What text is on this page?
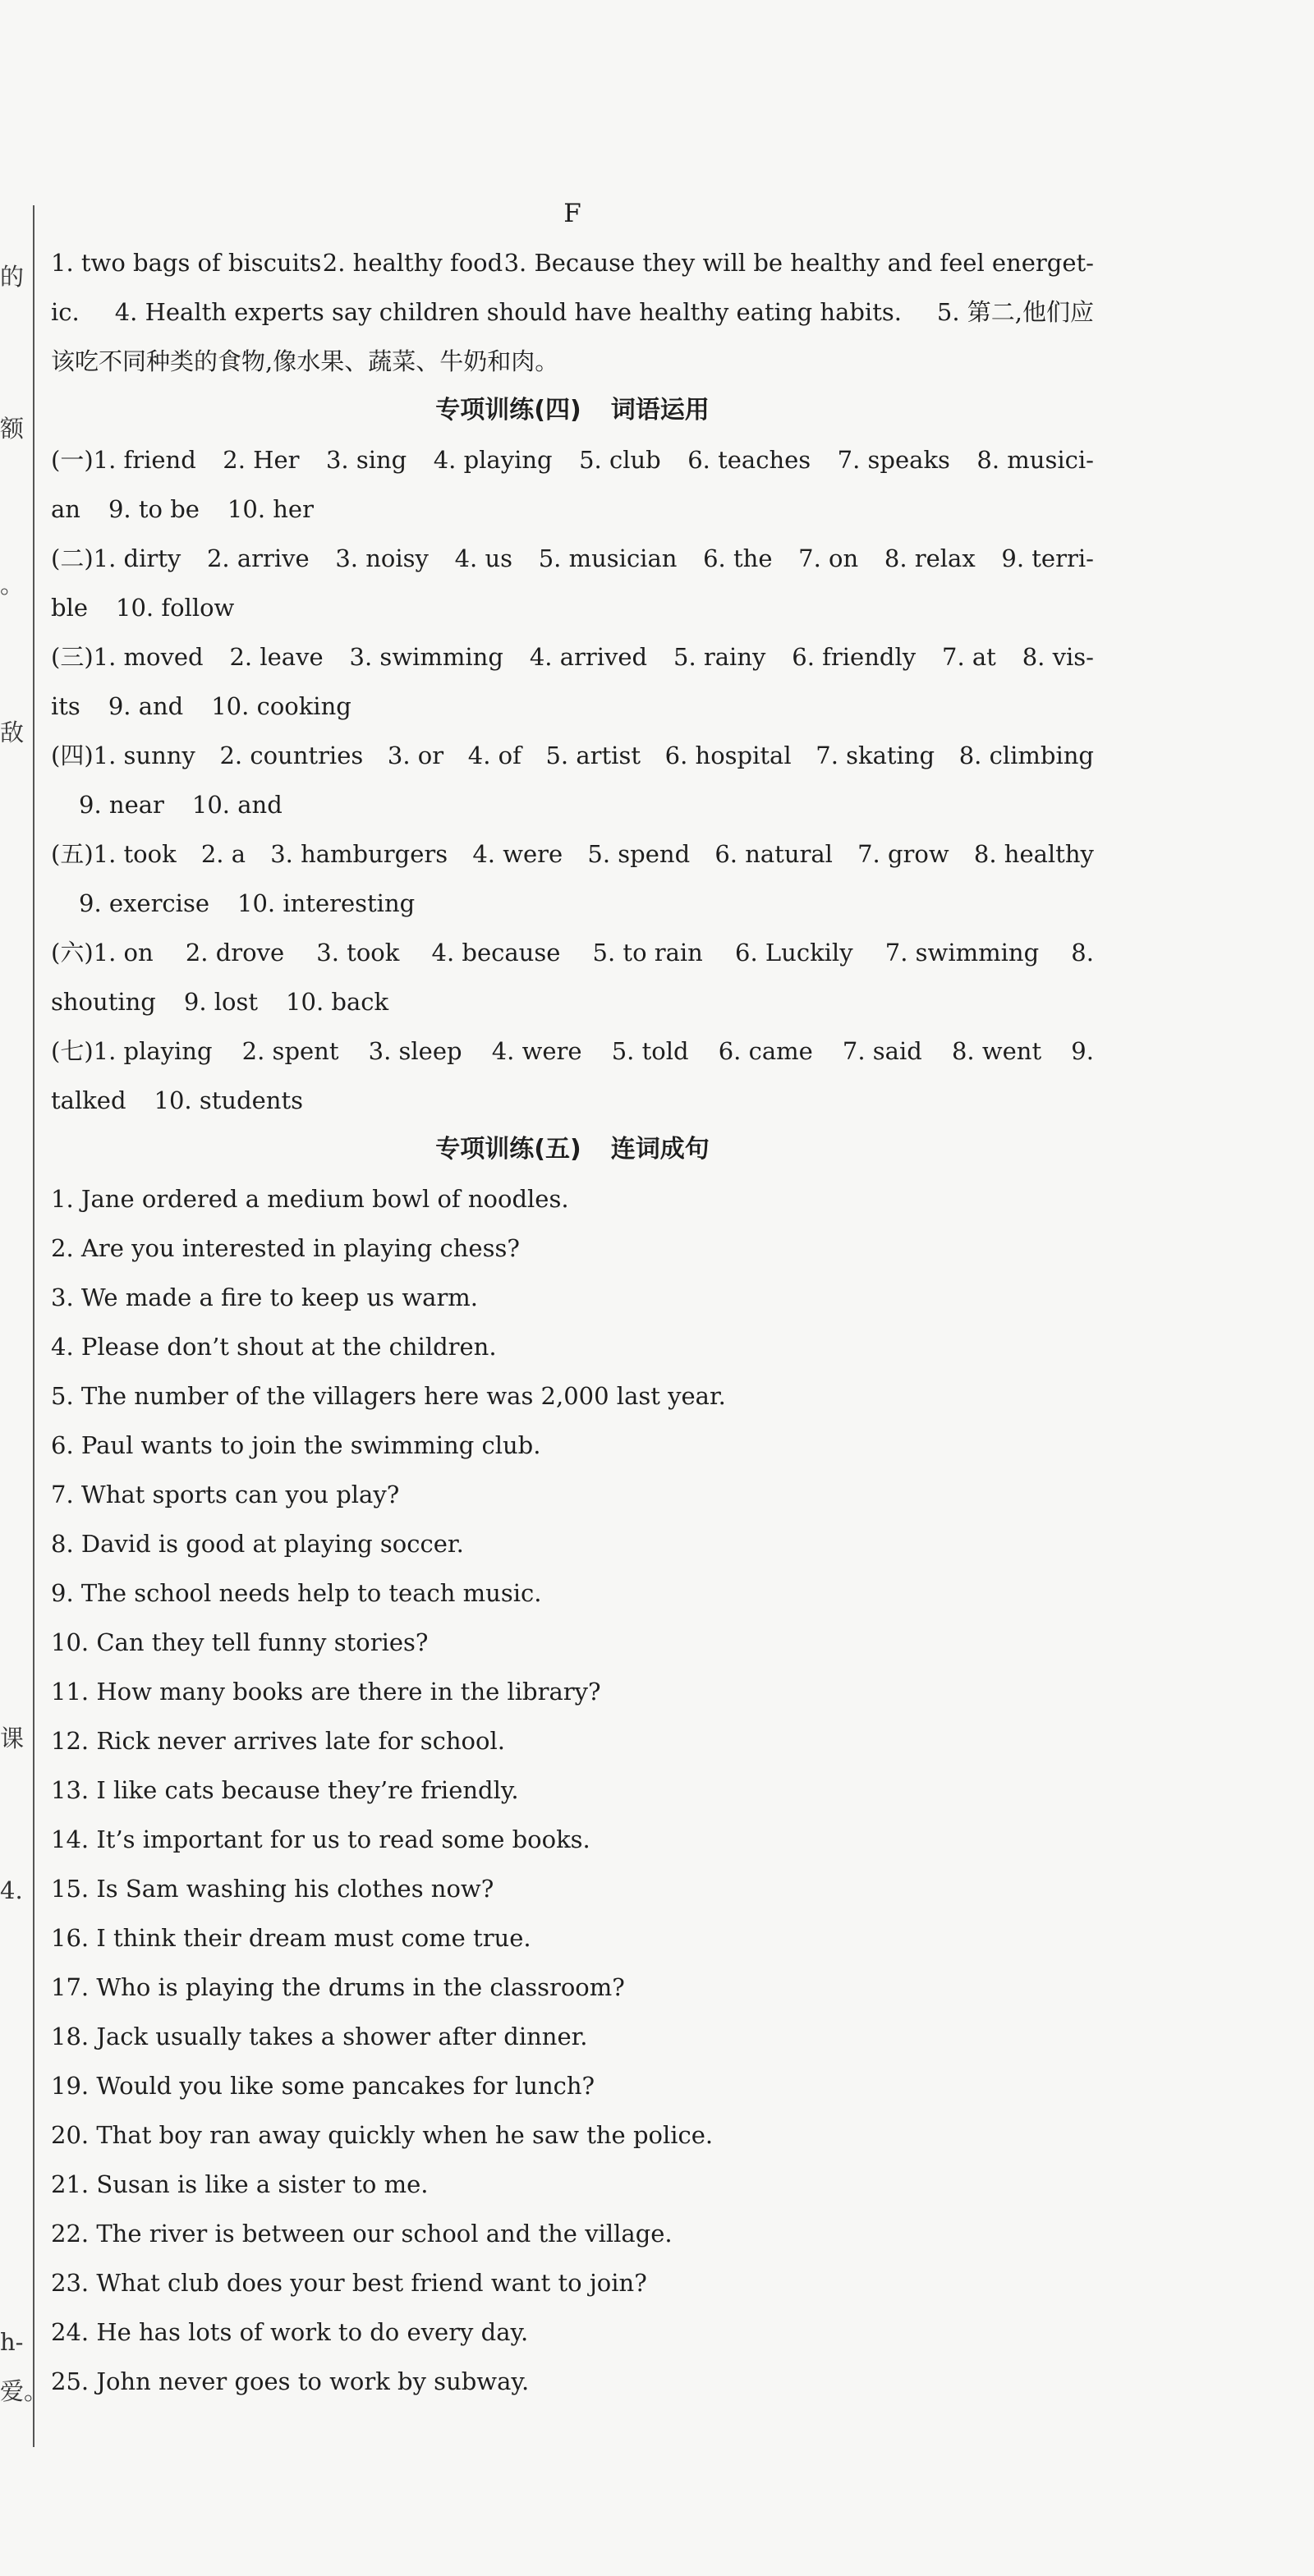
的
额
。
敌
课
4.
h-
爱。
F
1. two bags of biscuits 2. healthy food 3. Because they will be healthy and feel energet-
ic. 4. Health experts say children should have healthy eating habits. 5. 第二,他们应
该吃不同种类的食物,像水果、蔬菜、牛奶和肉。
专项训练(四) 词语运用
(一)1. friend 2. Her 3. sing 4. playing 5. club 6. teaches 7. speaks 8. musici-
an 9. to be 10. her
(二)1. dirty 2. arrive 3. noisy 4. us 5. musician 6. the 7. on 8. relax 9. terri-
ble 10. follow
(三)1. moved 2. leave 3. swimming 4. arrived 5. rainy 6. friendly 7. at 8. vis-
its 9. and 10. cooking
(四)1. sunny 2. countries 3. or 4. of 5. artist 6. hospital 7. skating 8. climbing
9. near 10. and
(五)1. took 2. a 3. hamburgers 4. were 5. spend 6. natural 7. grow 8. healthy
9. exercise 10. interesting
(六)1. on 2. drove 3. took 4. because 5. to rain 6. Luckily 7. swimming 8.
shouting 9. lost 10. back
(七)1. playing 2. spent 3. sleep 4. were 5. told 6. came 7. said 8. went 9.
talked 10. students
专项训练(五) 连词成句
1. Jane ordered a medium bowl of noodles.
2. Are you interested in playing chess?
3. We made a fire to keep us warm.
4. Please don’t shout at the children.
5. The number of the villagers here was 2,000 last year.
6. Paul wants to join the swimming club.
7. What sports can you play?
8. David is good at playing soccer.
9. The school needs help to teach music.
10. Can they tell funny stories?
11. How many books are there in the library?
12. Rick never arrives late for school.
13. I like cats because they’re friendly.
14. It’s important for us to read some books.
15. Is Sam washing his clothes now?
16. I think their dream must come true.
17. Who is playing the drums in the classroom?
18. Jack usually takes a shower after dinner.
19. Would you like some pancakes for lunch?
20. That boy ran away quickly when he saw the police.
21. Susan is like a sister to me.
22. The river is between our school and the village.
23. What club does your best friend want to join?
24. He has lots of work to do every day.
25. John never goes to work by subway.
